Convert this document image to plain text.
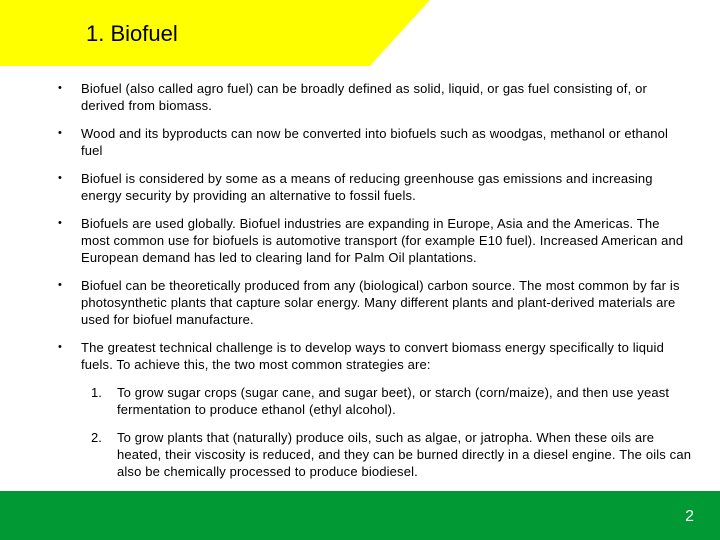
1. Biofuel
• Biofuel (also called agro fuel) can be broadly defined as solid, liquid, or gas fuel consisting of, or derived from biomass.
• Wood and its byproducts can now be converted into biofuels such as woodgas, methanol or ethanol fuel
• Biofuel is considered by some as a means of reducing greenhouse gas emissions and increasing energy security by providing an alternative to fossil fuels.
• Biofuels are used globally. Biofuel industries are expanding in Europe, Asia and the Americas. The most common use for biofuels is automotive transport (for example E10 fuel). Increased American and European demand has led to clearing land for Palm Oil plantations.
• Biofuel can be theoretically produced from any (biological) carbon source. The most common by far is photosynthetic plants that capture solar energy. Many different plants and plant-derived materials are used for biofuel manufacture.
• The greatest technical challenge is to develop ways to convert biomass energy specifically to liquid fuels. To achieve this, the two most common strategies are:
1. To grow sugar crops (sugar cane, and sugar beet), or starch (corn/maize), and then use yeast fermentation to produce ethanol (ethyl alcohol).
2. To grow plants that (naturally) produce oils, such as algae, or jatropha. When these oils are heated, their viscosity is reduced, and they can be burned directly in a diesel engine. The oils can also be chemically processed to produce biodiesel.
2
